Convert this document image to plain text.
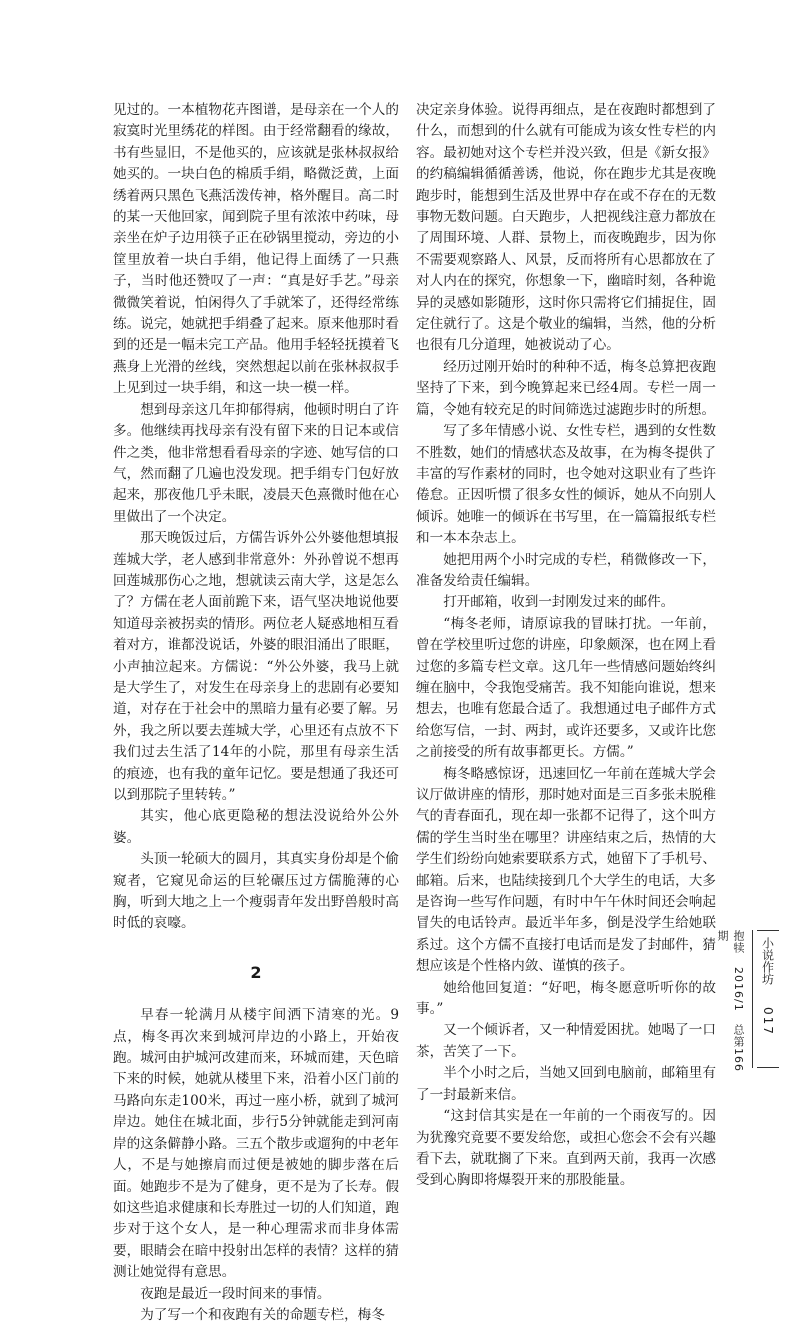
见过的。一本植物花卉图谱，是母亲在一个人的寂寞时光里绣花的样图。由于经常翻看的缘故，书有些显旧，不是他买的，应该就是张林叔叔给她买的。一块白色的棉质手绢，略微泛黄，上面绣着两只黑色飞燕活泼传神，格外醒目。高二时的某一天他回家，闻到院子里有浓浓中药味，母亲坐在炉子边用筷子正在砂锅里搅动，旁边的小筐里放着一块白手绢，他记得上面绣了一只燕子，当时他还赞叹了一声：“真是好手艺。”母亲微微笑着说，怕闲得久了手就笨了，还得经常练练。说完，她就把手绢叠了起来。原来他那时看到的还是一幅未完工产品。他用手轻轻抚摸着飞燕身上光滑的丝线，突然想起以前在张林叔叔手上见到过一块手绢，和这一块一模一样。

想到母亲这几年抑郁得病，他顿时明白了许多。他继续再找母亲有没有留下来的日记本或信件之类，他非常想看看母亲的字迹、她写信的口气，然而翻了几遍也没发现。把手绢专门包好放起来，那夜他几乎未眠，凌晨天色熹微时他在心里做出了一个决定。

那天晚饭过后，方儒告诉外公外婆他想填报莲城大学，老人感到非常意外：外孙曾说不想再回莲城那伤心之地，想就读云南大学，这是怎么了？方儒在老人面前跪下来，语气坚决地说他要知道母亲被拐卖的情形。两位老人疑惑地相互看着对方，谁都没说话，外婆的眼泪涌出了眼眶，小声抽泣起来。方儒说：“外公外婆，我马上就是大学生了，对发生在母亲身上的悲剧有必要知道，对存在于社会中的黑暗力量有必要了解。另外，我之所以要去莲城大学，心里还有点放不下我们过去生活了14年的小院，那里有母亲生活的痕迹，也有我的童年记忆。要是想通了我还可以到那院子里转转。”

其实，他心底更隐秘的想法没说给外公外婆。

头顶一轮硕大的圆月，其真实身份却是个偷窥者，它窥见命运的巨轮碾压过方儒脆薄的心胸，听到大地之上一个瘦弱青年发出野兽般时高时低的哀嚎。

2

早春一轮满月从楼宇间洒下清寒的光。9点，梅冬再次来到城河岸边的小路上，开始夜跑。城河由护城河改建而来，环城而建，天色暗下来的时候，她就从楼里下来，沿着小区门前的马路向东走100米，再过一座小桥，就到了城河岸边。她住在城北面，步行5分钟就能走到河南岸的这条僻静小路。三五个散步或遛狗的中老年人，不是与她擦肩而过便是被她的脚步落在后面。她跑步不是为了健身，更不是为了长寿。假如这些追求健康和长寿胜过一切的人们知道，跑步对于这个女人，是一种心理需求而非身体需要，眼睛会在暗中投射出怎样的表情？这样的猜测让她觉得有意思。

夜跑是最近一段时间来的事情。

为了写一个和夜跑有关的命题专栏，梅冬

决定亲身体验。说得再细点，是在夜跑时都想到了什么，而想到的什么就有可能成为该女性专栏的内容。最初她对这个专栏并没兴致，但是《新女报》的约稿编辑循循善诱，他说，你在跑步尤其是夜晚跑步时，能想到生活及世界中存在或不存在的无数事物无数问题。白天跑步，人把视线注意力都放在了周围环境、人群、景物上，而夜晚跑步，因为你不需要观察路人、风景，反而将所有心思都放在了对人内在的探究，你想象一下，幽暗时刻，各种诡异的灵感如影随形，这时你只需将它们捕捉住，固定住就行了。这是个敬业的编辑，当然，他的分析也很有几分道理，她被说动了心。

经历过刚开始时的种种不适，梅冬总算把夜跑坚持了下来，到今晚算起来已经4周。专栏一周一篇，令她有较充足的时间筛选过滤跑步时的所想。

写了多年情感小说、女性专栏，遇到的女性数不胜数，她们的情感状态及故事，在为梅冬提供了丰富的写作素材的同时，也令她对这职业有了些许倦怠。正因听惯了很多女性的倾诉，她从不向别人倾诉。她唯一的倾诉在书写里，在一篇篇报纸专栏和一本本杂志上。

她把用两个小时完成的专栏，稍微修改一下，准备发给责任编辑。

打开邮箱，收到一封刚发过来的邮件。

“梅冬老师，请原谅我的冒昧打扰。一年前，曾在学校里听过您的讲座，印象颇深，也在网上看过您的多篇专栏文章。这几年一些情感问题始终纠缠在脑中，令我饱受痛苦。我不知能向谁说，想来想去，也唯有您最合适了。我想通过电子邮件方式给您写信，一封、两封，或许还要多，又或许比您之前接受的所有故事都更长。方儒。”

梅冬略感惊讶，迅速回忆一年前在莲城大学会议厅做讲座的情形，那时她对面是三百多张未脱稚气的青春面孔，现在却一张都不记得了，这个叫方儒的学生当时坐在哪里？讲座结束之后，热情的大学生们纷纷向她索要联系方式，她留下了手机号、邮箱。后来，也陆续接到几个大学生的电话，大多是咨询一些写作问题，有时中午午休时间还会响起冒失的电话铃声。最近半年多，倒是没学生给她联系过。这个方儒不直接打电话而是发了封邮件，猜想应该是个性格内敛、谨慎的孩子。

她给他回复道：“好吧，梅冬愿意听听你的故事。”

又一个倾诉者，又一种情爱困扰。她喝了一口茶，苦笑了一下。

半个小时之后，当她又回到电脑前，邮箱里有了一封最新来信。

“这封信其实是在一年前的一个雨夜写的。因为犹豫究竟要不要发给您，或担心您会不会有兴趣看下去，就耽搁了下来。直到两天前，我再一次感受到心胸即将爆裂开来的那股能量。

抱犊 2016/1 总第166期
小说作坊
017
